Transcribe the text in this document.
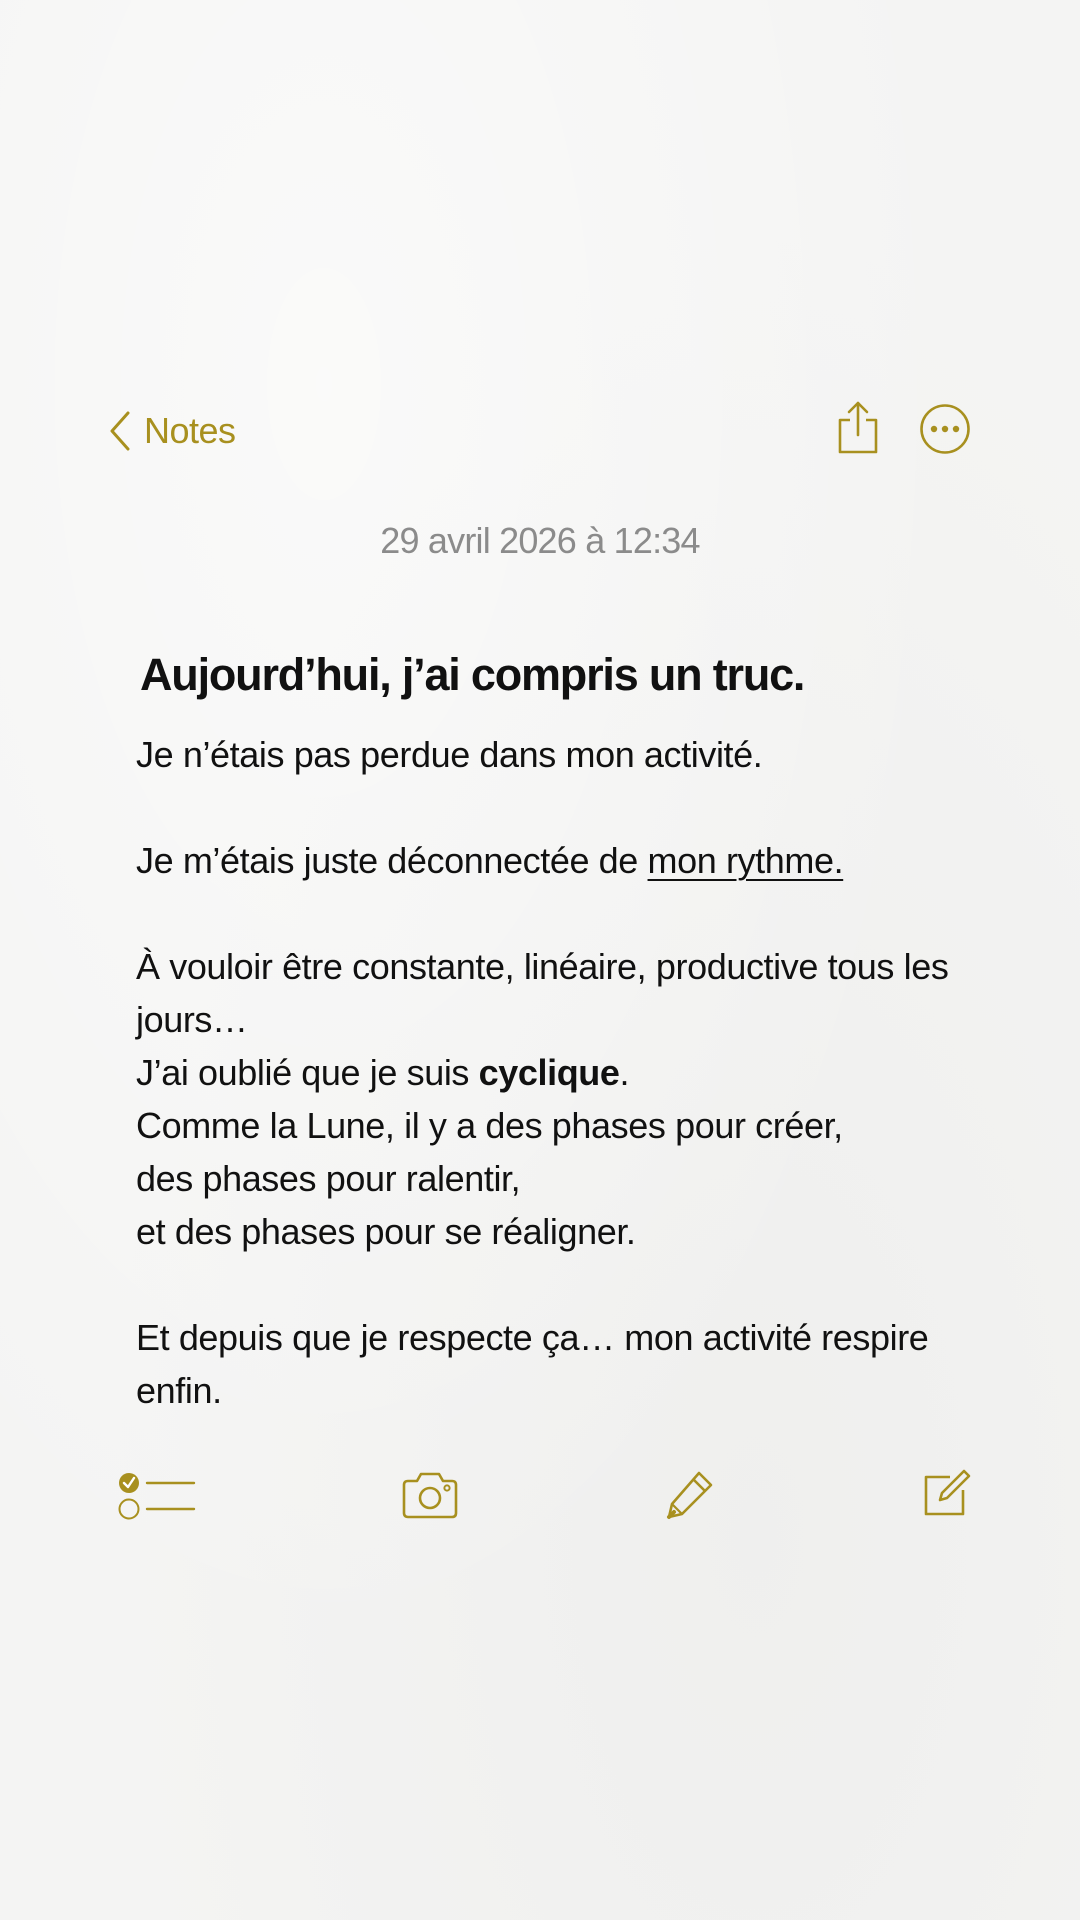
Notes
29 avril 2026 à 12:34

Aujourd’hui, j’ai compris un truc.

Je n’étais pas perdue dans mon activité.

Je m’étais juste déconnectée de mon rythme.

À vouloir être constante, linéaire, productive tous les jours…

J’ai oublié que je suis cyclique.

Comme la Lune, il y a des phases pour créer,

des phases pour ralentir,

et des phases pour se réaligner.

Et depuis que je respecte ça… mon activité respire enfin.
